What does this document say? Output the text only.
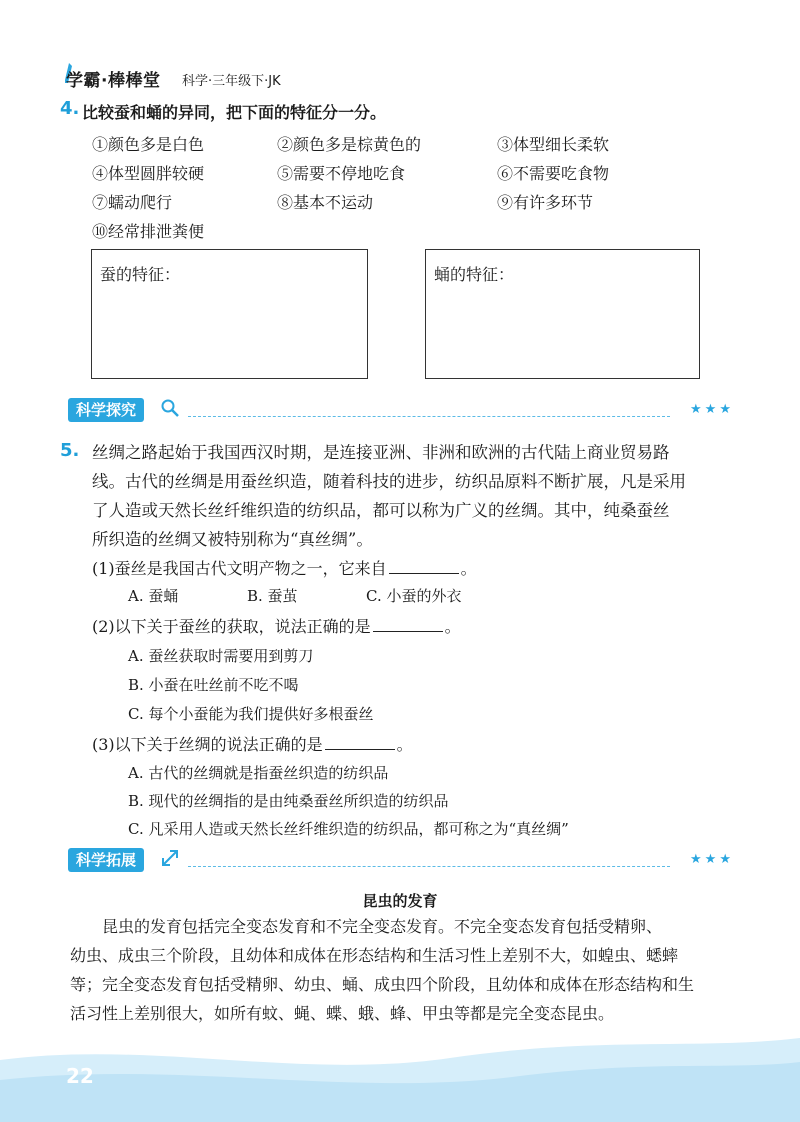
学霸·棒棒堂 科学·三年级下·JK
4. 比较蚕和蛹的异同，把下面的特征分一分。
①颜色多是白色	②颜色多是棕黄色的	③体型细长柔软
④体型圆胖较硬	⑤需要不停地吃食	⑥不需要吃食物
⑦蠕动爬行	⑧基本不运动	⑨有许多环节
⑩经常排泄粪便
蚕的特征：	蛹的特征：
科学探究	★★★
5. 丝绸之路起始于我国西汉时期，是连接亚洲、非洲和欧洲的古代陆上商业贸易路
线。古代的丝绸是用蚕丝织造，随着科技的进步，纺织品原料不断扩展，凡是采用
了人造或天然长丝纤维织造的纺织品，都可以称为广义的丝绸。其中，纯桑蚕丝
所织造的丝绸又被特别称为“真丝绸”。
(1)蚕丝是我国古代文明产物之一，它来自	。
A. 蚕蛹	B. 蚕茧	C. 小蚕的外衣
(2)以下关于蚕丝的获取，说法正确的是	。
A. 蚕丝获取时需要用到剪刀
B. 小蚕在吐丝前不吃不喝
C. 每个小蚕能为我们提供好多根蚕丝
(3)以下关于丝绸的说法正确的是	。
A. 古代的丝绸就是指蚕丝织造的纺织品
B. 现代的丝绸指的是由纯桑蚕丝所织造的纺织品
C. 凡采用人造或天然长丝纤维织造的纺织品，都可称之为“真丝绸”
科学拓展	★★★
昆虫的发育
昆虫的发育包括完全变态发育和不完全变态发育。不完全变态发育包括受精卵、
幼虫、成虫三个阶段，且幼体和成体在形态结构和生活习性上差别不大，如蝗虫、蟋蟀
等；完全变态发育包括受精卵、幼虫、蛹、成虫四个阶段，且幼体和成体在形态结构和生
活习性上差别很大，如所有蚊、蝇、蝶、蛾、蜂、甲虫等都是完全变态昆虫。
22
